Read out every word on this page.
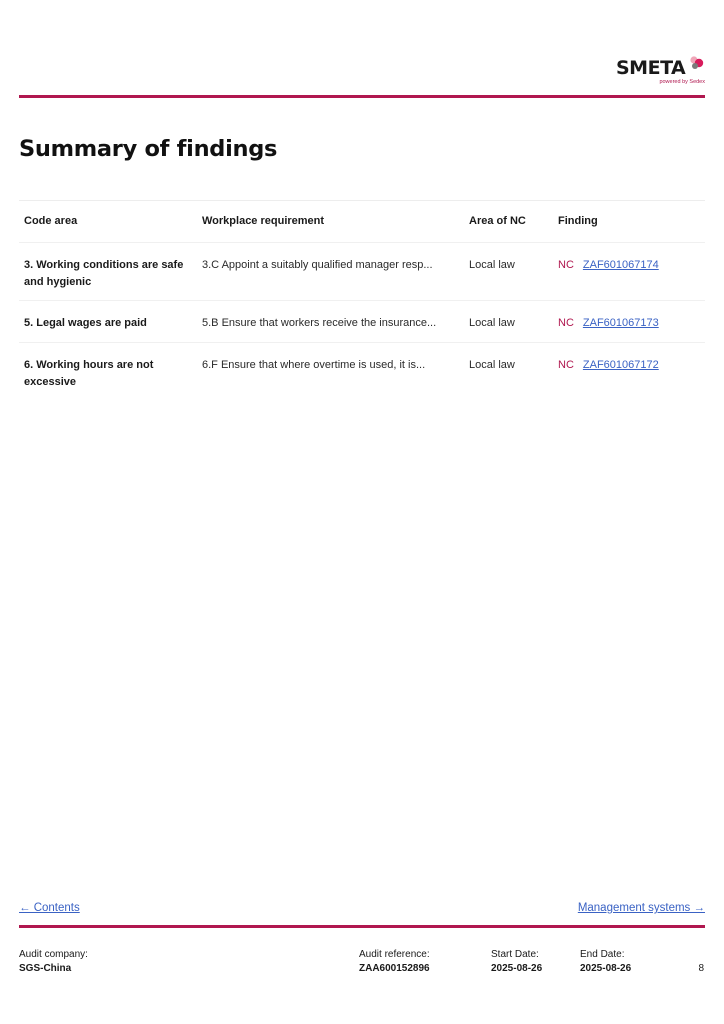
SMETA
powered by Sedex
Summary of findings
Code area	Workplace requirement	Area of NC	Finding
3. Working conditions are safe and hygienic	3.C Appoint a suitably qualified manager resp...	Local law	NC ZAF601067174
5. Legal wages are paid	5.B Ensure that workers receive the insurance...	Local law	NC ZAF601067173
6. Working hours are not excessive	6.F Ensure that where overtime is used, it is...	Local law	NC ZAF601067172
← Contents	Management systems →
Audit company:
SGS-China
Audit reference:
ZAA600152896
Start Date:
2025-08-26
End Date:
2025-08-26	8
